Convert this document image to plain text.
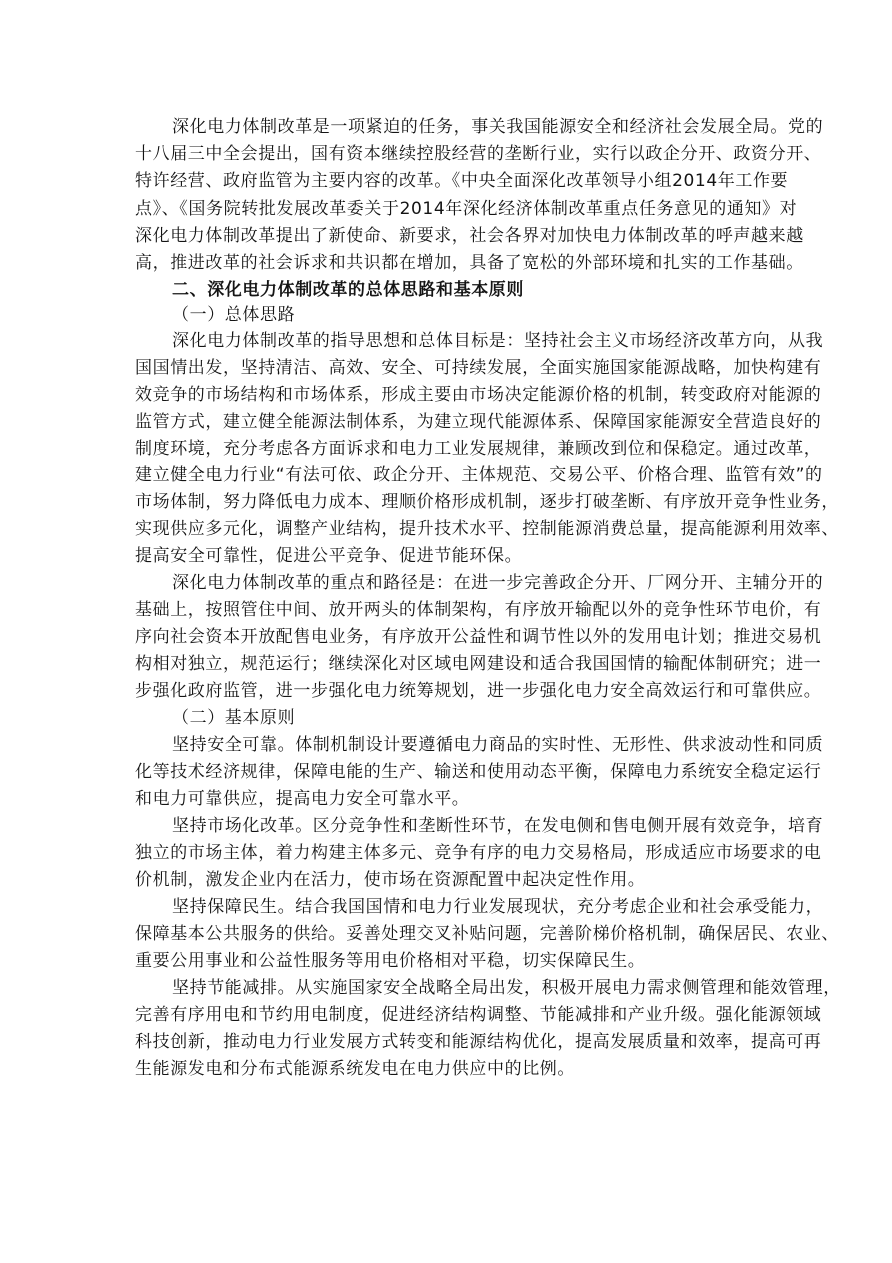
深化电力体制改革是一项紧迫的任务，事关我国能源安全和经济社会发展全局。党的
十八届三中全会提出，国有资本继续控股经营的垄断行业，实行以政企分开、政资分开、
特许经营、政府监管为主要内容的改革。《中央全面深化改革领导小组2014年工作要
点》、《国务院转批发展改革委关于2014年深化经济体制改革重点任务意见的通知》对
深化电力体制改革提出了新使命、新要求，社会各界对加快电力体制改革的呼声越来越
高，推进改革的社会诉求和共识都在增加，具备了宽松的外部环境和扎实的工作基础。
二、深化电力体制改革的总体思路和基本原则
（一）总体思路
深化电力体制改革的指导思想和总体目标是：坚持社会主义市场经济改革方向，从我
国国情出发，坚持清洁、高效、安全、可持续发展，全面实施国家能源战略，加快构建有
效竞争的市场结构和市场体系，形成主要由市场决定能源价格的机制，转变政府对能源的
监管方式，建立健全能源法制体系，为建立现代能源体系、保障国家能源安全营造良好的
制度环境，充分考虑各方面诉求和电力工业发展规律，兼顾改到位和保稳定。通过改革，
建立健全电力行业“有法可依、政企分开、主体规范、交易公平、价格合理、监管有效”的
市场体制，努力降低电力成本、理顺价格形成机制，逐步打破垄断、有序放开竞争性业务，
实现供应多元化，调整产业结构，提升技术水平、控制能源消费总量，提高能源利用效率、
提高安全可靠性，促进公平竞争、促进节能环保。
深化电力体制改革的重点和路径是：在进一步完善政企分开、厂网分开、主辅分开的
基础上，按照管住中间、放开两头的体制架构，有序放开输配以外的竞争性环节电价，有
序向社会资本开放配售电业务，有序放开公益性和调节性以外的发用电计划；推进交易机
构相对独立，规范运行；继续深化对区域电网建设和适合我国国情的输配体制研究；进一
步强化政府监管，进一步强化电力统筹规划，进一步强化电力安全高效运行和可靠供应。
（二）基本原则
坚持安全可靠。体制机制设计要遵循电力商品的实时性、无形性、供求波动性和同质
化等技术经济规律，保障电能的生产、输送和使用动态平衡，保障电力系统安全稳定运行
和电力可靠供应，提高电力安全可靠水平。
坚持市场化改革。区分竞争性和垄断性环节，在发电侧和售电侧开展有效竞争，培育
独立的市场主体，着力构建主体多元、竞争有序的电力交易格局，形成适应市场要求的电
价机制，激发企业内在活力，使市场在资源配置中起决定性作用。
坚持保障民生。结合我国国情和电力行业发展现状，充分考虑企业和社会承受能力，
保障基本公共服务的供给。妥善处理交叉补贴问题，完善阶梯价格机制，确保居民、农业、
重要公用事业和公益性服务等用电价格相对平稳，切实保障民生。
坚持节能减排。从实施国家安全战略全局出发，积极开展电力需求侧管理和能效管理，
完善有序用电和节约用电制度，促进经济结构调整、节能减排和产业升级。强化能源领域
科技创新，推动电力行业发展方式转变和能源结构优化，提高发展质量和效率，提高可再
生能源发电和分布式能源系统发电在电力供应中的比例。
